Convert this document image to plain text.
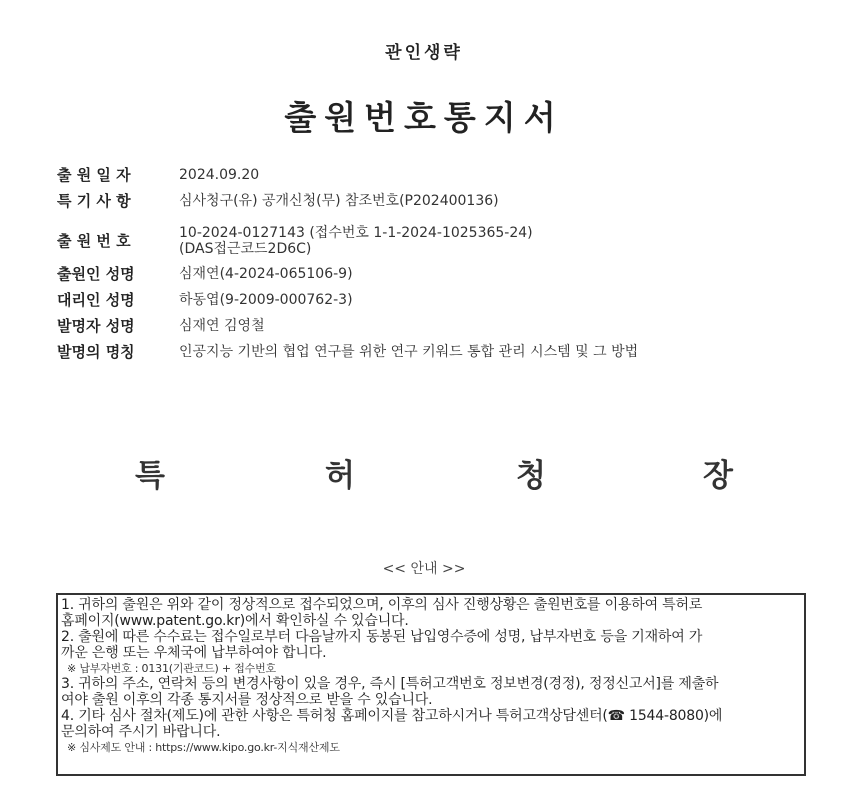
관인생략
출원번호통지서
출 원 일 자	2024.09.20
특 기 사 항	심사청구(유) 공개신청(무) 참조번호(P202400136)
출 원 번 호	10-2024-0127143 (접수번호 1-1-2024-1025365-24)
(DAS접근코드2D6C)
출원인 성명	심재연(4-2024-065106-9)
대리인 성명	하동엽(9-2009-000762-3)
발명자 성명	심재연 김영철
발명의 명칭	인공지능 기반의 협업 연구를 위한 연구 키워드 통합 관리 시스템 및 그 방법
특	허	청	장
<< 안내 >>
1. 귀하의 출원은 위와 같이 정상적으로 접수되었으며, 이후의 심사 진행상황은 출원번호를 이용하여 특허로
홈페이지(www.patent.go.kr)에서 확인하실 수 있습니다.
2. 출원에 따른 수수료는 접수일로부터 다음날까지 동봉된 납입영수증에 성명, 납부자번호 등을 기재하여 가
까운 은행 또는 우체국에 납부하여야 합니다.
※ 납부자번호 : 0131(기관코드) + 접수번호
3. 귀하의 주소, 연락처 등의 변경사항이 있을 경우, 즉시 [특허고객번호 정보변경(경정), 정정신고서]를 제출하
여야 출원 이후의 각종 통지서를 정상적으로 받을 수 있습니다.
4. 기타 심사 절차(제도)에 관한 사항은 특허청 홈페이지를 참고하시거나 특허고객상담센터(☎ 1544-8080)에
문의하여 주시기 바랍니다.
※ 심사제도 안내 : https://www.kipo.go.kr-지식재산제도
